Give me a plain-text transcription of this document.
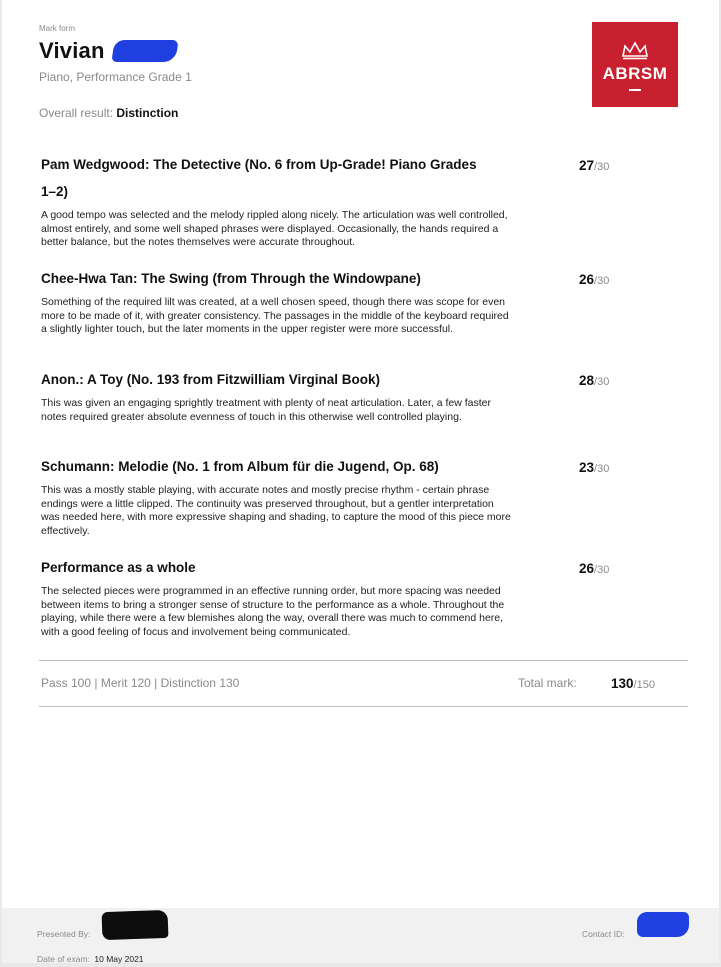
Mark form
Vivian
Piano, Performance Grade 1
Overall result: Distinction
ABRSM
Pam Wedgwood: The Detective (No. 6 from Up-Grade! Piano Grades 1–2)
A good tempo was selected and the melody rippled along nicely. The articulation was well controlled, almost entirely, and some well shaped phrases were displayed. Occasionally, the hands required a better balance, but the notes themselves were accurate throughout.
27/30
Chee-Hwa Tan: The Swing (from Through the Windowpane)
Something of the required lilt was created, at a well chosen speed, though there was scope for even more to be made of it, with greater consistency. The passages in the middle of the keyboard required a slightly lighter touch, but the later moments in the upper register were more successful.
26/30
Anon.: A Toy (No. 193 from Fitzwilliam Virginal Book)
This was given an engaging sprightly treatment with plenty of neat articulation. Later, a few faster notes required greater absolute evenness of touch in this otherwise well controlled playing.
28/30
Schumann: Melodie (No. 1 from Album für die Jugend, Op. 68)
This was a mostly stable playing, with accurate notes and mostly precise rhythm - certain phrase endings were a little clipped. The continuity was preserved throughout, but a gentler interpretation was needed here, with more expressive shaping and shading, to capture the mood of this piece more effectively.
23/30
Performance as a whole
The selected pieces were programmed in an effective running order, but more spacing was needed between items to bring a stronger sense of structure to the performance as a whole. Throughout the playing, while there were a few blemishes along the way, overall there was much to commend here, with a good feeling of focus and involvement being communicated.
26/30
Pass 100 | Merit 120 | Distinction 130	Total mark:	130/150
Presented By:
Date of exam: 10 May 2021
Contact ID:
